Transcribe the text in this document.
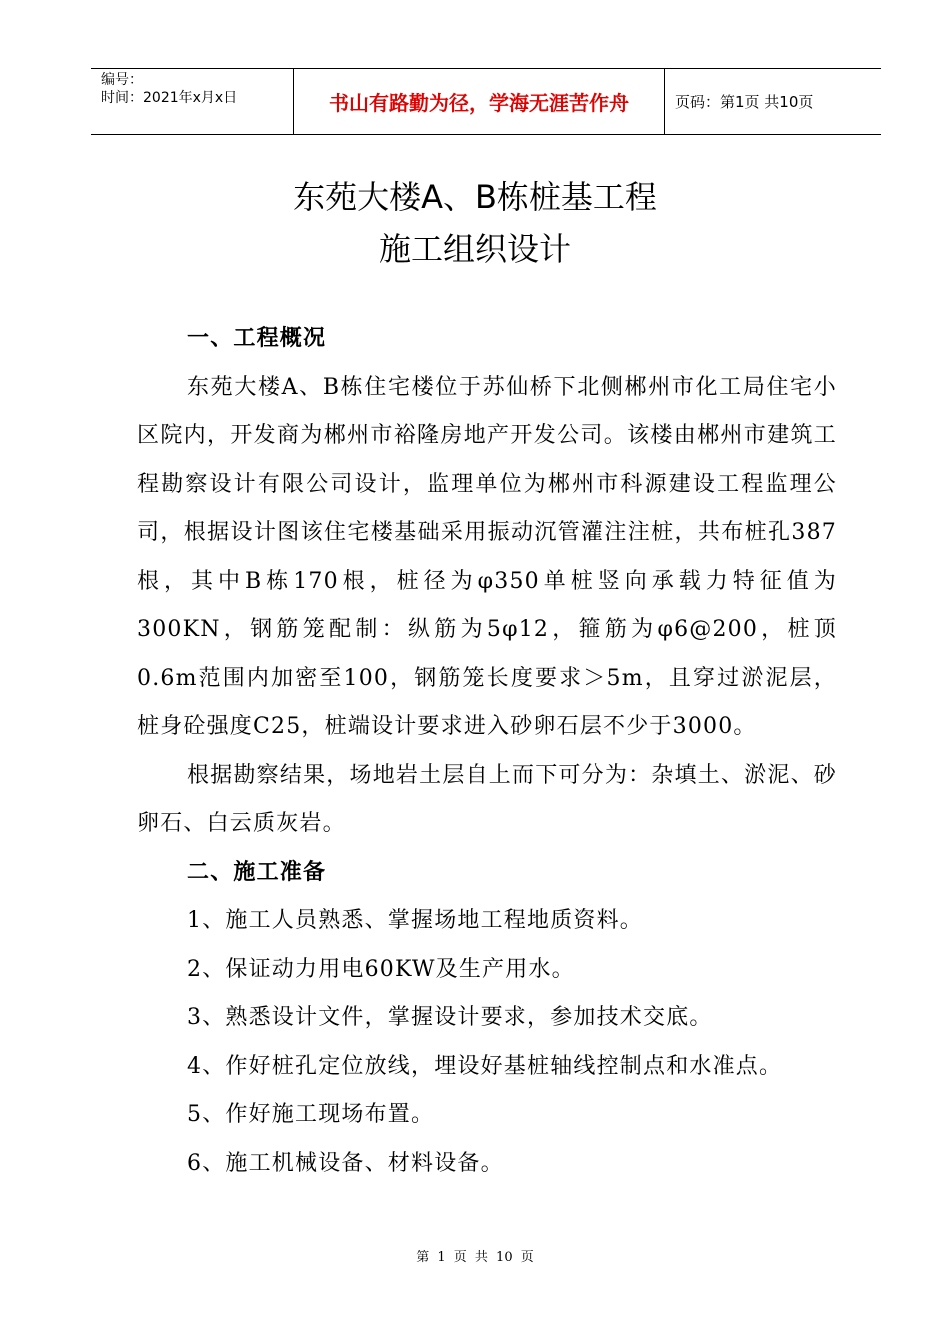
编号：
时间：2021年x月x日	书山有路勤为径，学海无涯苦作舟	页码：第1页 共10页
东苑大楼A、B栋桩基工程
施工组织设计

一、工程概况

东苑大楼A、B栋住宅楼位于苏仙桥下北侧郴州市化工局住宅小区院内，开发商为郴州市裕隆房地产开发公司。该楼由郴州市建筑工程勘察设计有限公司设计，监理单位为郴州市科源建设工程监理公司，根据设计图该住宅楼基础采用振动沉管灌注注桩，共布桩孔387根，其中B栋170根，桩径为φ350单桩竖向承载力特征值为300KN，钢筋笼配制：纵筋为5φ12，箍筋为φ6@200，桩顶0.6m范围内加密至100，钢筋笼长度要求＞5m，且穿过淤泥层，桩身砼强度C25，桩端设计要求进入砂卵石层不少于3000。

根据勘察结果，场地岩土层自上而下可分为：杂填土、淤泥、砂卵石、白云质灰岩。

二、施工准备

1、施工人员熟悉、掌握场地工程地质资料。

2、保证动力用电60KW及生产用水。

3、熟悉设计文件，掌握设计要求，参加技术交底。

4、作好桩孔定位放线，埋设好基桩轴线控制点和水准点。

5、作好施工现场布置。

6、施工机械设备、材料设备。

第 1 页 共 10 页
